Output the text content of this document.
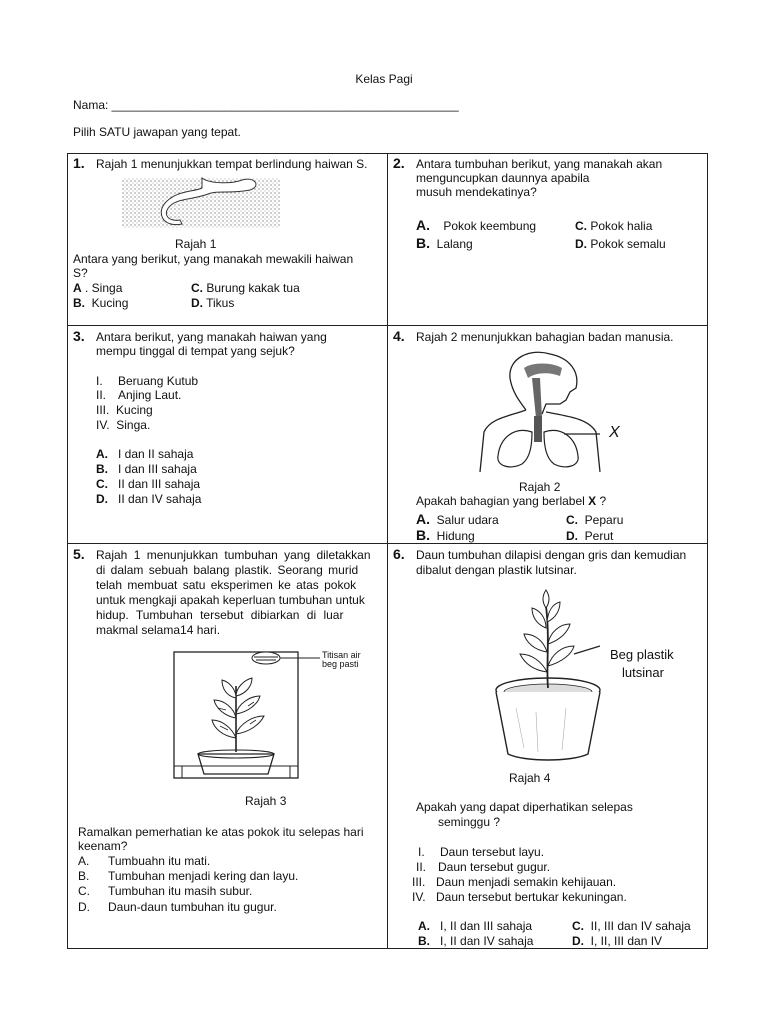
Kelas Pagi
Nama: ____________________________________________________
Pilih SATU jawapan yang tepat.
1. Rajah 1 menunjukkan tempat berlindung haiwan S.
Rajah 1
Antara yang berikut, yang manakah mewakili haiwan
S?
A . Singa
B. Kucing
C. Burung kakak tua
D. Tikus
2. Antara tumbuhan berikut, yang manakah akan
menguncupkan daunnya apabila
musuh mendekatinya?
A. Pokok keembung
B. Lalang
C. Pokok halia
D. Pokok semalu
3. Antara berikut, yang manakah haiwan yang
mempu tinggal di tempat yang sejuk?
I. Beruang Kutub
II. Anjing Laut.
III. Kucing
IV. Singa.
A. I dan II sahaja
B. I dan III sahaja
C. II dan III sahaja
D. II dan IV sahaja
4. Rajah 2 menunjukkan bahagian badan manusia.
X
Rajah 2
Apakah bahagian yang berlabel X ?
A. Salur udara
B. Hidung
C. Peparu
D. Perut
5. Rajah 1 menunjukkan tumbuhan yang diletakkan
di dalam sebuah balang plastik. Seorang murid
telah membuat satu eksperimen ke atas pokok
untuk mengkaji apakah keperluan tumbuhan untuk
hidup. Tumbuhan tersebut dibiarkan di luar
makmal selama14 hari.
Titisan air
beg pasti
Rajah 3
Ramalkan pemerhatian ke atas pokok itu selepas hari
keenam?
A. Tumbuahn itu mati.
B. Tumbuhan menjadi kering dan layu.
C. Tumbuhan itu masih subur.
D. Daun-daun tumbuhan itu gugur.
6. Daun tumbuhan dilapisi dengan gris dan kemudian
dibalut dengan plastik lutsinar.
Beg plastik
lutsinar
Rajah 4
Apakah yang dapat diperhatikan selepas
seminggu ?
I. Daun tersebut layu.
II. Daun tersebut gugur.
III. Daun menjadi semakin kehijauan.
IV. Daun tersebut bertukar kekuningan.
A. I, II dan III sahaja
B. I, II dan IV sahaja
C. II, III dan IV sahaja
D. I, II, III dan IV
